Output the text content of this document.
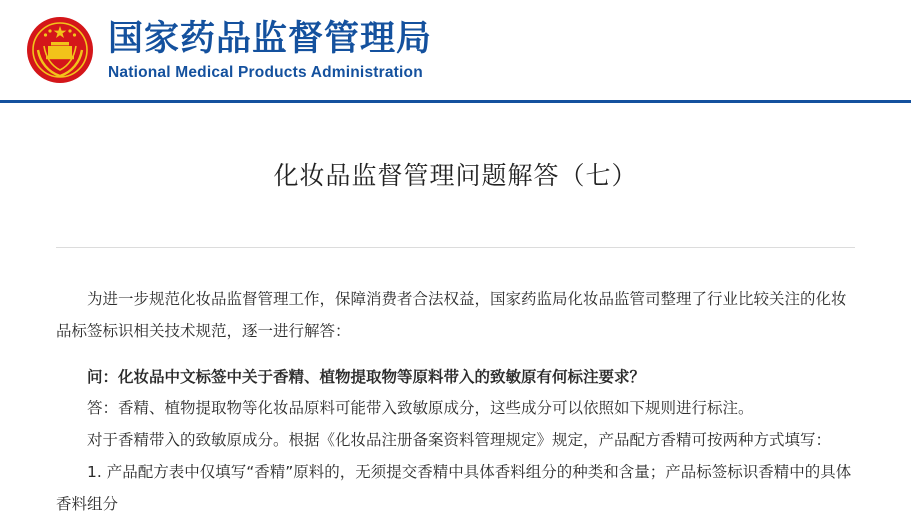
国家药品监督管理局
National Medical Products Administration
化妆品监督管理问题解答（七）

为进一步规范化妆品监督管理工作，保障消费者合法权益，国家药监局化妆品监管司整理了行业比较关注的化妆品标签标识相关技术规范，逐一进行解答：

问：化妆品中文标签中关于香精、植物提取物等原料带入的致敏原有何标注要求？

答：香精、植物提取物等化妆品原料可能带入致敏原成分，这些成分可以依照如下规则进行标注。

对于香精带入的致敏原成分。根据《化妆品注册备案资料管理规定》规定，产品配方香精可按两种方式填写：

1. 产品配方表中仅填写“香精”原料的，无须提交香精中具体香料组分的种类和含量；产品标签标识香精中的具体香料组分
